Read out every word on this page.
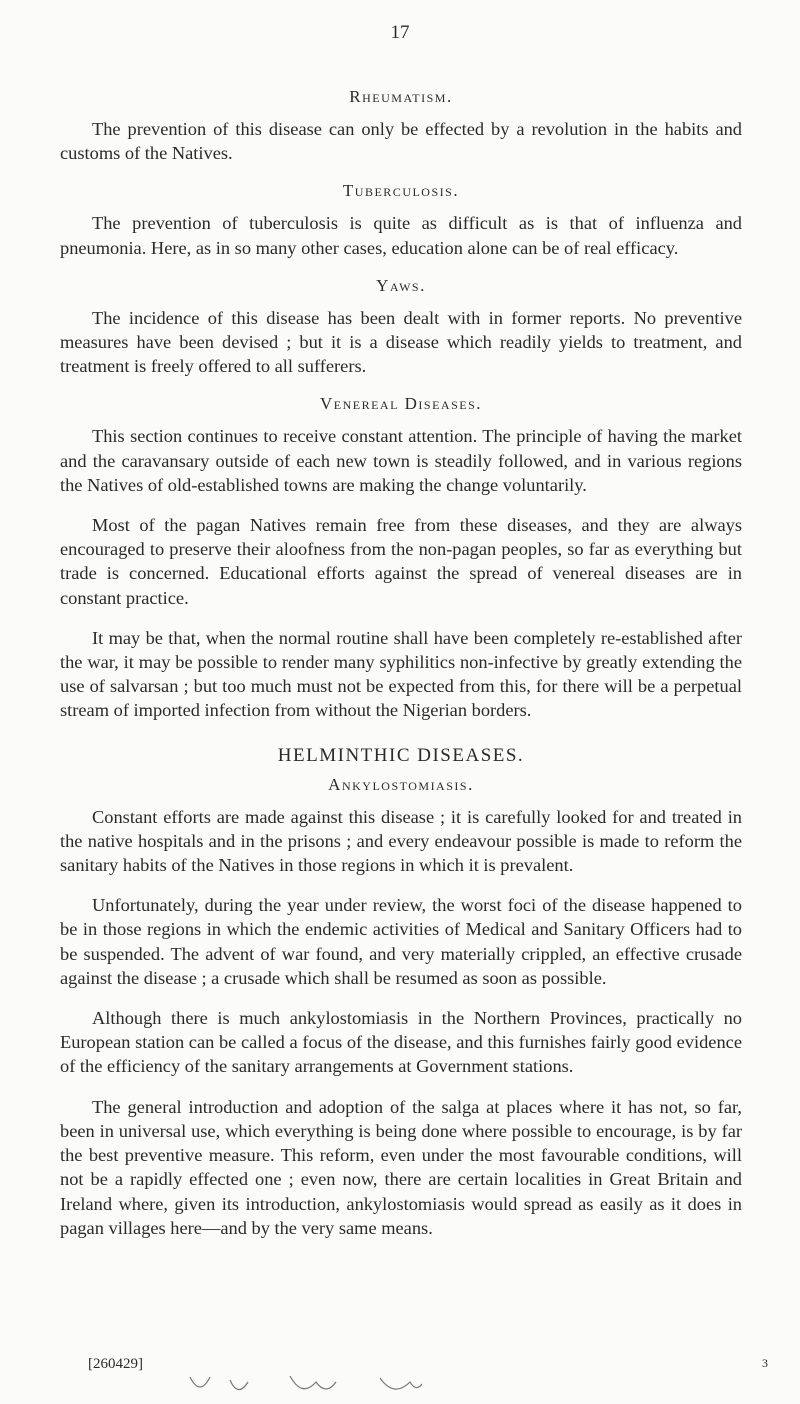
17
Rheumatism.

The prevention of this disease can only be effected by a revolution in the habits and customs of the Natives.

Tuberculosis.

The prevention of tuberculosis is quite as difficult as is that of influenza and pneumonia. Here, as in so many other cases, education alone can be of real efficacy.

Yaws.

The incidence of this disease has been dealt with in former reports. No preventive measures have been devised ; but it is a disease which readily yields to treatment, and treatment is freely offered to all sufferers.

Venereal Diseases.

This section continues to receive constant attention. The principle of having the market and the caravansary outside of each new town is steadily followed, and in various regions the Natives of old-established towns are making the change voluntarily.

Most of the pagan Natives remain free from these diseases, and they are always encouraged to preserve their aloofness from the non-pagan peoples, so far as everything but trade is concerned. Educational efforts against the spread of venereal diseases are in constant practice.

It may be that, when the normal routine shall have been completely re-established after the war, it may be possible to render many syphilitics non-infective by greatly extending the use of salvarsan ; but too much must not be expected from this, for there will be a perpetual stream of imported infection from without the Nigerian borders.

HELMINTHIC DISEASES.
Ankylostomiasis.

Constant efforts are made against this disease ; it is carefully looked for and treated in the native hospitals and in the prisons ; and every endeavour possible is made to reform the sanitary habits of the Natives in those regions in which it is prevalent.

Unfortunately, during the year under review, the worst foci of the disease happened to be in those regions in which the endemic activities of Medical and Sanitary Officers had to be suspended. The advent of war found, and very materially crippled, an effective crusade against the disease ; a crusade which shall be resumed as soon as possible.

Although there is much ankylostomiasis in the Northern Provinces, practically no European station can be called a focus of the disease, and this furnishes fairly good evidence of the efficiency of the sanitary arrangements at Government stations.

The general introduction and adoption of the salga at places where it has not, so far, been in universal use, which everything is being done where possible to encourage, is by far the best preventive measure. This reform, even under the most favourable conditions, will not be a rapidly effected one ; even now, there are certain localities in Great Britain and Ireland where, given its introduction, ankylostomiasis would spread as easily as it does in pagan villages here—and by the very same means.

[260429]	3
